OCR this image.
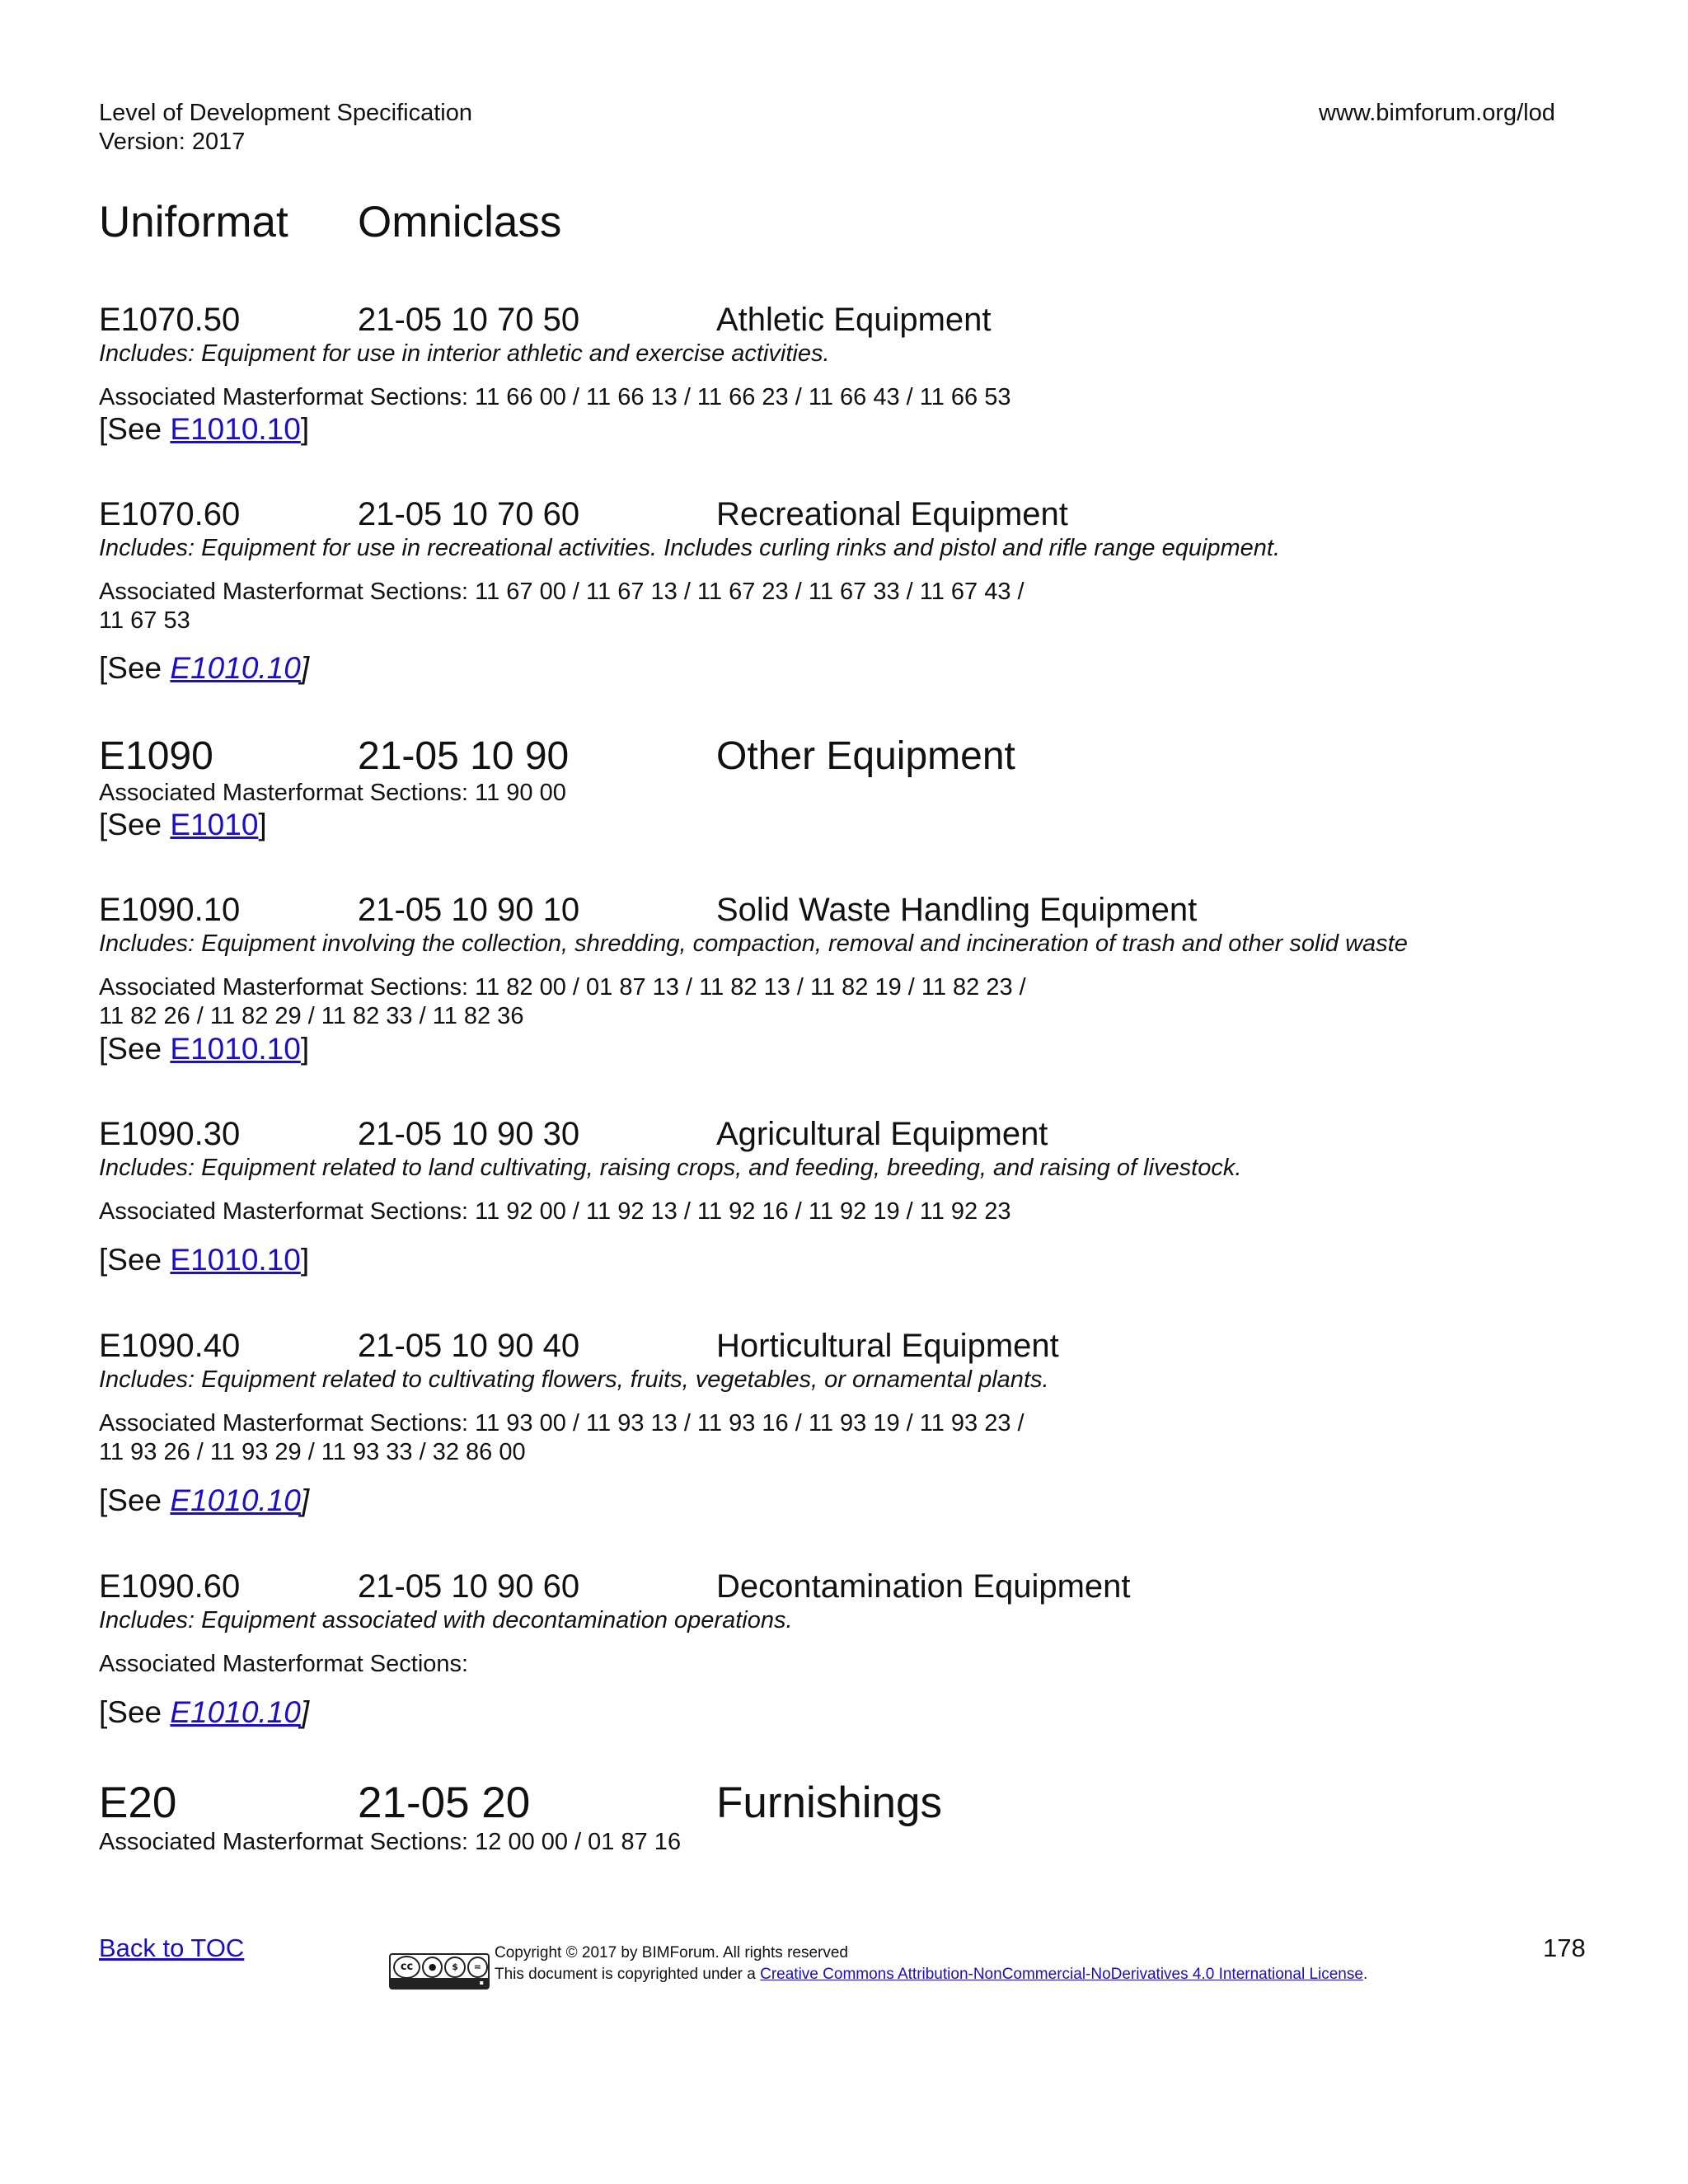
Level of Development Specification
Version: 2017
www.bimforum.org/lod
Uniformat Omniclass
E1070.50	21-05 10 70 50	Athletic Equipment
Includes: Equipment for use in interior athletic and exercise activities.
Associated Masterformat Sections: 11 66 00 / 11 66 13 / 11 66 23 / 11 66 43 / 11 66 53
[See E1010.10]
E1070.60	21-05 10 70 60	Recreational Equipment
Includes: Equipment for use in recreational activities. Includes curling rinks and pistol and rifle range equipment.
Associated Masterformat Sections: 11 67 00 / 11 67 13 / 11 67 23 / 11 67 33 / 11 67 43 /
11 67 53
[See E1010.10]
E1090	21-05 10 90	Other Equipment
Associated Masterformat Sections: 11 90 00
[See E1010]
E1090.10	21-05 10 90 10	Solid Waste Handling Equipment
Includes: Equipment involving the collection, shredding, compaction, removal and incineration of trash and other solid waste
Associated Masterformat Sections: 11 82 00 / 01 87 13 / 11 82 13 / 11 82 19 / 11 82 23 /
11 82 26 / 11 82 29 / 11 82 33 / 11 82 36
[See E1010.10]
E1090.30	21-05 10 90 30	Agricultural Equipment
Includes: Equipment related to land cultivating, raising crops, and feeding, breeding, and raising of livestock.
Associated Masterformat Sections: 11 92 00 / 11 92 13 / 11 92 16 / 11 92 19 / 11 92 23
[See E1010.10]
E1090.40	21-05 10 90 40	Horticultural Equipment
Includes: Equipment related to cultivating flowers, fruits, vegetables, or ornamental plants.
Associated Masterformat Sections: 11 93 00 / 11 93 13 / 11 93 16 / 11 93 19 / 11 93 23 /
11 93 26 / 11 93 29 / 11 93 33 / 32 86 00
[See E1010.10]
E1090.60	21-05 10 90 60	Decontamination Equipment
Includes: Equipment associated with decontamination operations.
Associated Masterformat Sections:
[See E1010.10]
E20	21-05 20	Furnishings
Associated Masterformat Sections: 12 00 00 / 01 87 16
Back to TOC
cc	●	$	=
▪
Copyright © 2017 by BIMForum. All rights reserved
This document is copyrighted under a Creative Commons Attribution-NonCommercial-NoDerivatives 4.0 International License.
178
